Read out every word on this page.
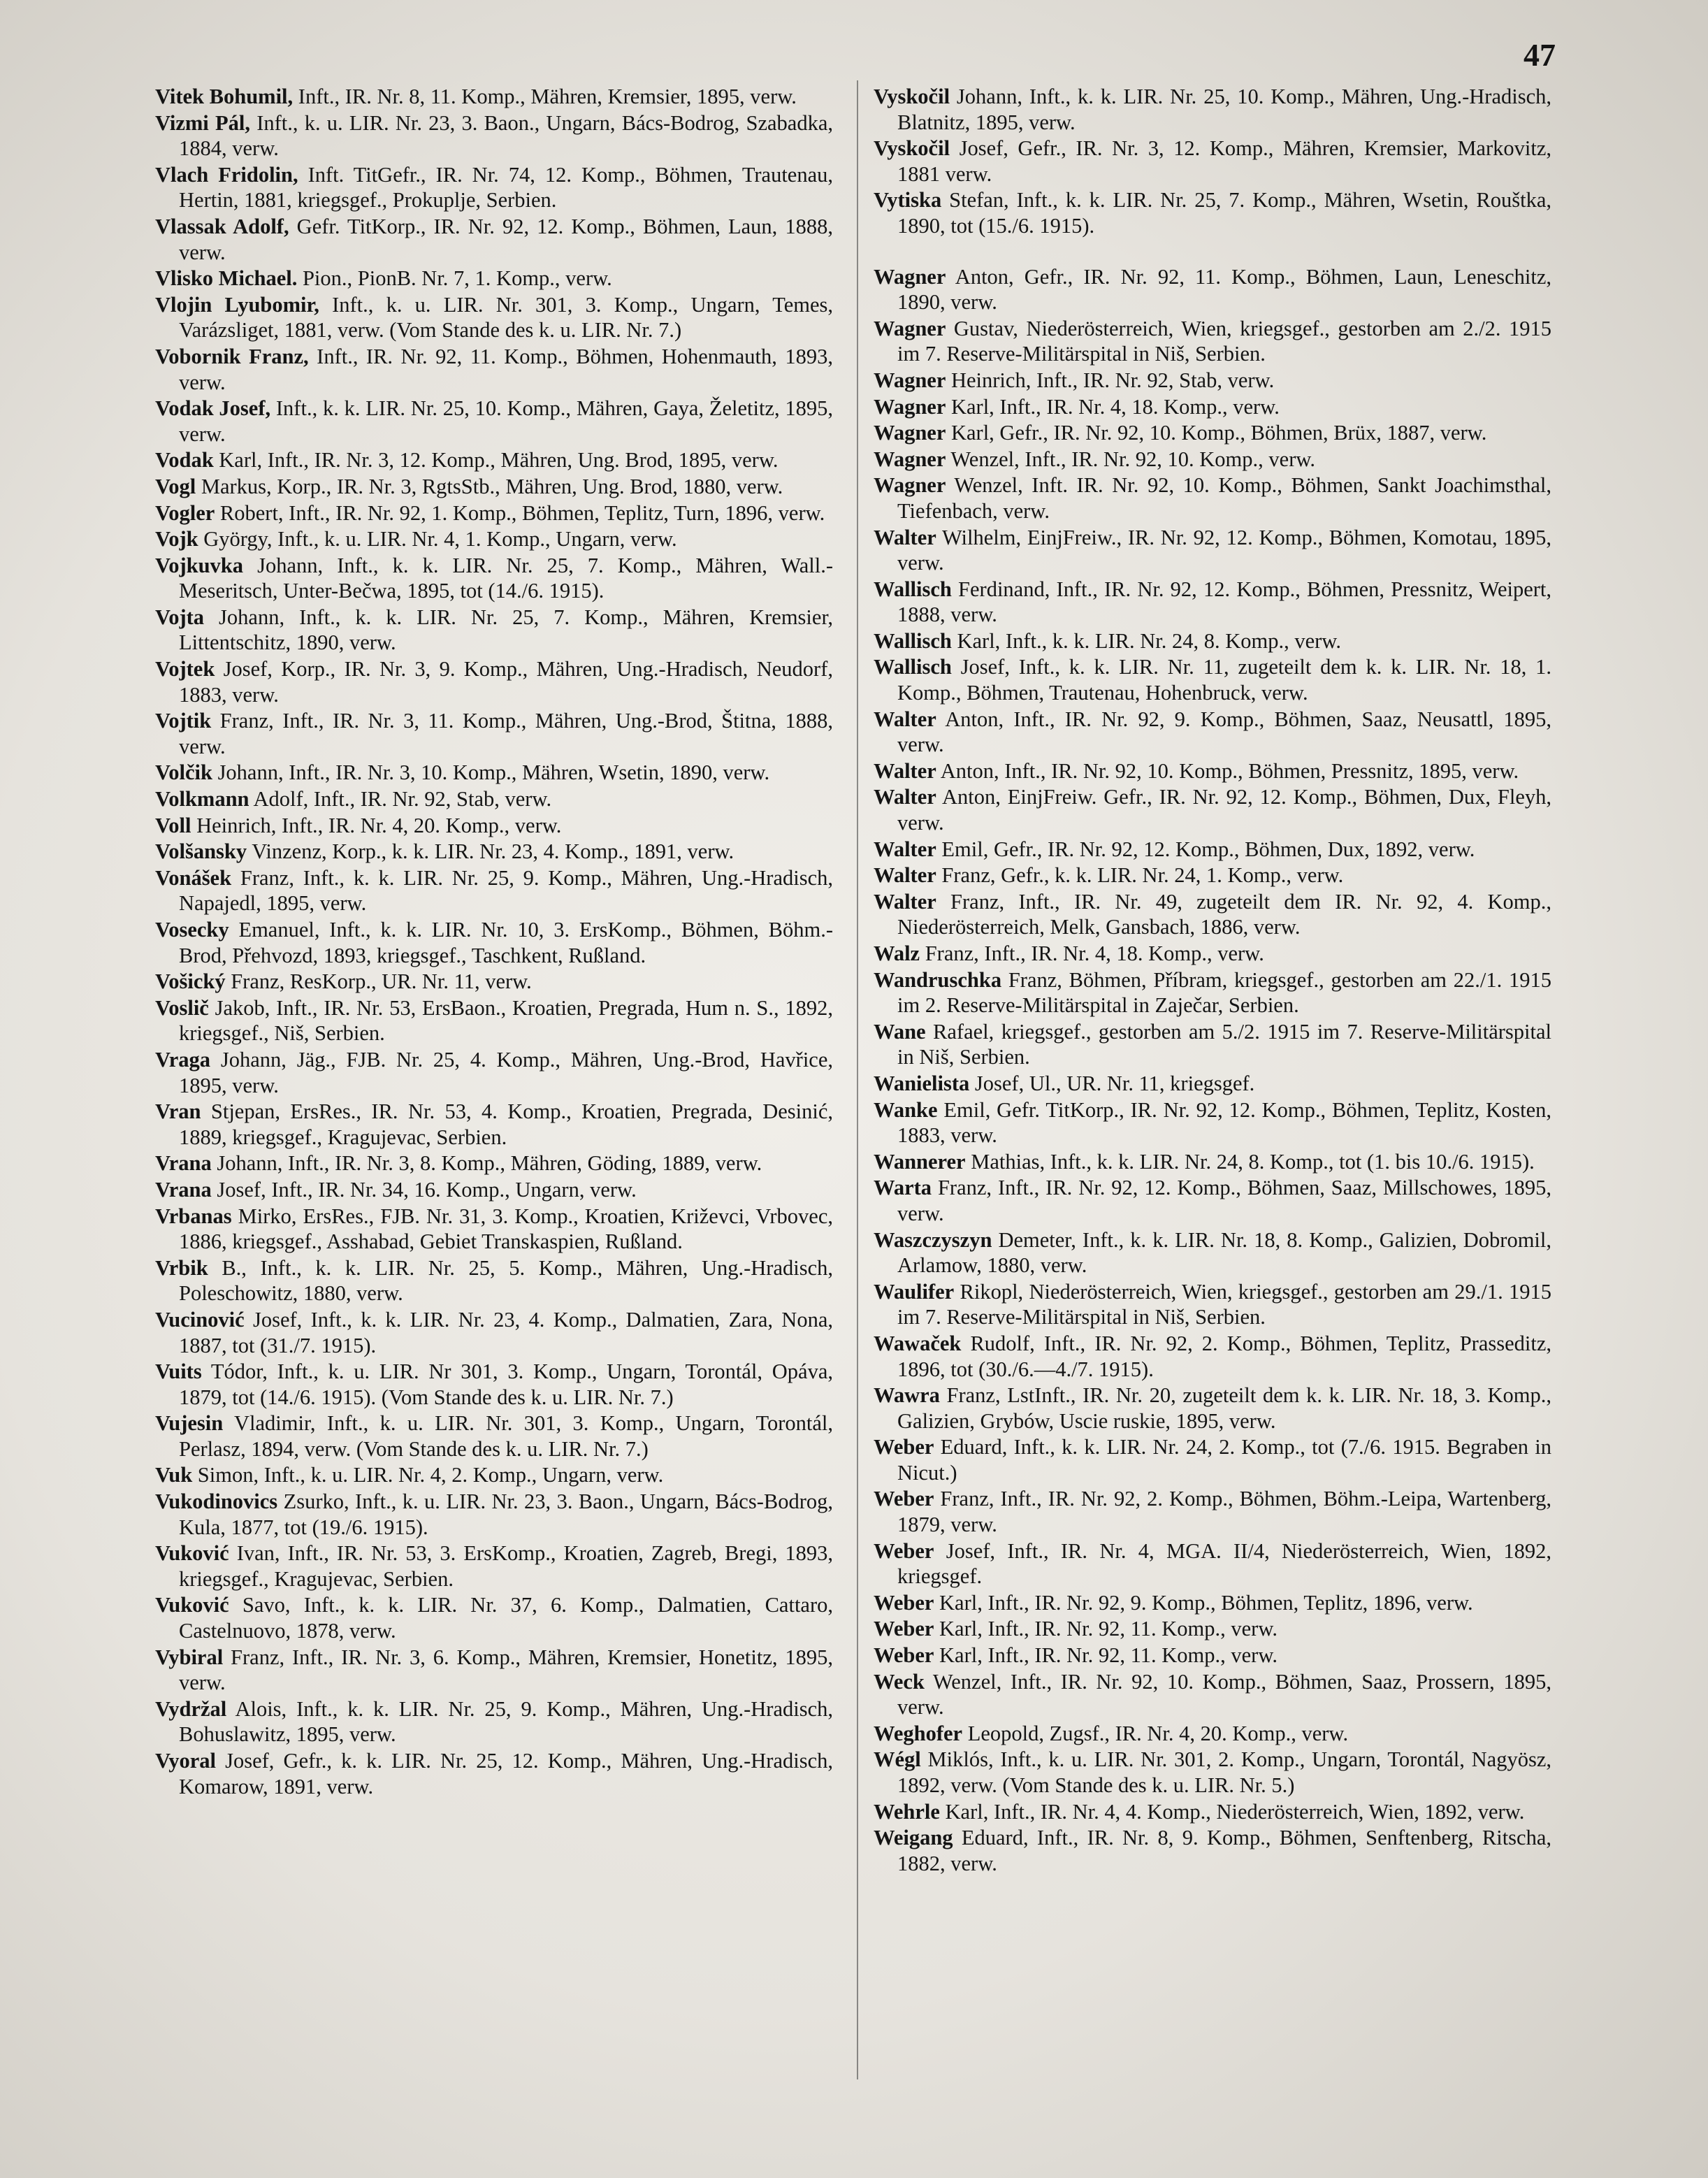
47

Vitek Bohumil, Inft., IR. Nr. 8, 11. Komp., Mähren, Kremsier, 1895, verw.

Vizmi Pál, Inft., k. u. LIR. Nr. 23, 3. Baon., Ungarn, Bács-Bodrog, Szabadka, 1884, verw.

Vlach Fridolin, Inft. TitGefr., IR. Nr. 74, 12. Komp., Böhmen, Trautenau, Hertin, 1881, kriegsgef., Prokuplje, Serbien.

Vlassak Adolf, Gefr. TitKorp., IR. Nr. 92, 12. Komp., Böhmen, Laun, 1888, verw.

Vlisko Michael. Pion., PionB. Nr. 7, 1. Komp., verw.

Vlojin Lyubomir, Inft., k. u. LIR. Nr. 301, 3. Komp., Ungarn, Temes, Varázsliget, 1881, verw. (Vom Stande des k. u. LIR. Nr. 7.)

Vobornik Franz, Inft., IR. Nr. 92, 11. Komp., Böhmen, Hohenmauth, 1893, verw.

Vodak Josef, Inft., k. k. LIR. Nr. 25, 10. Komp., Mähren, Gaya, Želetitz, 1895, verw.

Vodak Karl, Inft., IR. Nr. 3, 12. Komp., Mähren, Ung. Brod, 1895, verw.

Vogl Markus, Korp., IR. Nr. 3, RgtsStb., Mähren, Ung. Brod, 1880, verw.

Vogler Robert, Inft., IR. Nr. 92, 1. Komp., Böhmen, Teplitz, Turn, 1896, verw.

Vojk György, Inft., k. u. LIR. Nr. 4, 1. Komp., Ungarn, verw.

Vojkuvka Johann, Inft., k. k. LIR. Nr. 25, 7. Komp., Mähren, Wall.-Meseritsch, Unter-Bečwa, 1895, tot (14./6. 1915).

Vojta Johann, Inft., k. k. LIR. Nr. 25, 7. Komp., Mähren, Kremsier, Littentschitz, 1890, verw.

Vojtek Josef, Korp., IR. Nr. 3, 9. Komp., Mähren, Ung.-Hradisch, Neudorf, 1883, verw.

Vojtik Franz, Inft., IR. Nr. 3, 11. Komp., Mähren, Ung.-Brod, Štitna, 1888, verw.

Volčik Johann, Inft., IR. Nr. 3, 10. Komp., Mähren, Wsetin, 1890, verw.

Volkmann Adolf, Inft., IR. Nr. 92, Stab, verw.

Voll Heinrich, Inft., IR. Nr. 4, 20. Komp., verw.

Volšansky Vinzenz, Korp., k. k. LIR. Nr. 23, 4. Komp., 1891, verw.

Vonášek Franz, Inft., k. k. LIR. Nr. 25, 9. Komp., Mähren, Ung.-Hradisch, Napajedl, 1895, verw.

Vosecky Emanuel, Inft., k. k. LIR. Nr. 10, 3. ErsKomp., Böhmen, Böhm.-Brod, Přehvozd, 1893, kriegsgef., Taschkent, Rußland.

Vošický Franz, ResKorp., UR. Nr. 11, verw.

Voslič Jakob, Inft., IR. Nr. 53, ErsBaon., Kroatien, Pregrada, Hum n. S., 1892, kriegsgef., Niš, Serbien.

Vraga Johann, Jäg., FJB. Nr. 25, 4. Komp., Mähren, Ung.-Brod, Havřice, 1895, verw.

Vran Stjepan, ErsRes., IR. Nr. 53, 4. Komp., Kroatien, Pregrada, Desinić, 1889, kriegsgef., Kragujevac, Serbien.

Vrana Johann, Inft., IR. Nr. 3, 8. Komp., Mähren, Göding, 1889, verw.

Vrana Josef, Inft., IR. Nr. 34, 16. Komp., Ungarn, verw.

Vrbanas Mirko, ErsRes., FJB. Nr. 31, 3. Komp., Kroatien, Križevci, Vrbovec, 1886, kriegsgef., Asshabad, Gebiet Transkaspien, Rußland.

Vrbik B., Inft., k. k. LIR. Nr. 25, 5. Komp., Mähren, Ung.-Hradisch, Poleschowitz, 1880, verw.

Vucinović Josef, Inft., k. k. LIR. Nr. 23, 4. Komp., Dalmatien, Zara, Nona, 1887, tot (31./7. 1915).

Vuits Tódor, Inft., k. u. LIR. Nr 301, 3. Komp., Ungarn, Torontál, Opáva, 1879, tot (14./6. 1915). (Vom Stande des k. u. LIR. Nr. 7.)

Vujesin Vladimir, Inft., k. u. LIR. Nr. 301, 3. Komp., Ungarn, Torontál, Perlasz, 1894, verw. (Vom Stande des k. u. LIR. Nr. 7.)

Vuk Simon, Inft., k. u. LIR. Nr. 4, 2. Komp., Ungarn, verw.

Vukodinovics Zsurko, Inft., k. u. LIR. Nr. 23, 3. Baon., Ungarn, Bács-Bodrog, Kula, 1877, tot (19./6. 1915).

Vuković Ivan, Inft., IR. Nr. 53, 3. ErsKomp., Kroatien, Zagreb, Bregi, 1893, kriegsgef., Kragujevac, Serbien.

Vuković Savo, Inft., k. k. LIR. Nr. 37, 6. Komp., Dalmatien, Cattaro, Castelnuovo, 1878, verw.

Vybiral Franz, Inft., IR. Nr. 3, 6. Komp., Mähren, Kremsier, Honetitz, 1895, verw.

Vydržal Alois, Inft., k. k. LIR. Nr. 25, 9. Komp., Mähren, Ung.-Hradisch, Bohuslawitz, 1895, verw.

Vyoral Josef, Gefr., k. k. LIR. Nr. 25, 12. Komp., Mähren, Ung.-Hradisch, Komarow, 1891, verw.

Vyskočil Johann, Inft., k. k. LIR. Nr. 25, 10. Komp., Mähren, Ung.-Hradisch, Blatnitz, 1895, verw.

Vyskočil Josef, Gefr., IR. Nr. 3, 12. Komp., Mähren, Kremsier, Markovitz, 1881 verw.

Vytiska Stefan, Inft., k. k. LIR. Nr. 25, 7. Komp., Mähren, Wsetin, Rouštka, 1890, tot (15./6. 1915).

Wagner Anton, Gefr., IR. Nr. 92, 11. Komp., Böhmen, Laun, Leneschitz, 1890, verw.

Wagner Gustav, Niederösterreich, Wien, kriegsgef., gestorben am 2./2. 1915 im 7. Reserve-Militärspital in Niš, Serbien.

Wagner Heinrich, Inft., IR. Nr. 92, Stab, verw.

Wagner Karl, Inft., IR. Nr. 4, 18. Komp., verw.

Wagner Karl, Gefr., IR. Nr. 92, 10. Komp., Böhmen, Brüx, 1887, verw.

Wagner Wenzel, Inft., IR. Nr. 92, 10. Komp., verw.

Wagner Wenzel, Inft. IR. Nr. 92, 10. Komp., Böhmen, Sankt Joachimsthal, Tiefenbach, verw.

Walter Wilhelm, EinjFreiw., IR. Nr. 92, 12. Komp., Böhmen, Komotau, 1895, verw.

Wallisch Ferdinand, Inft., IR. Nr. 92, 12. Komp., Böhmen, Pressnitz, Weipert, 1888, verw.

Wallisch Karl, Inft., k. k. LIR. Nr. 24, 8. Komp., verw.

Wallisch Josef, Inft., k. k. LIR. Nr. 11, zugeteilt dem k. k. LIR. Nr. 18, 1. Komp., Böhmen, Trautenau, Hohenbruck, verw.

Walter Anton, Inft., IR. Nr. 92, 9. Komp., Böhmen, Saaz, Neusattl, 1895, verw.

Walter Anton, Inft., IR. Nr. 92, 10. Komp., Böhmen, Pressnitz, 1895, verw.

Walter Anton, EinjFreiw. Gefr., IR. Nr. 92, 12. Komp., Böhmen, Dux, Fleyh, verw.

Walter Emil, Gefr., IR. Nr. 92, 12. Komp., Böhmen, Dux, 1892, verw.

Walter Franz, Gefr., k. k. LIR. Nr. 24, 1. Komp., verw.

Walter Franz, Inft., IR. Nr. 49, zugeteilt dem IR. Nr. 92, 4. Komp., Niederösterreich, Melk, Gansbach, 1886, verw.

Walz Franz, Inft., IR. Nr. 4, 18. Komp., verw.

Wandruschka Franz, Böhmen, Příbram, kriegsgef., gestorben am 22./1. 1915 im 2. Reserve-Militärspital in Zaječar, Serbien.

Wane Rafael, kriegsgef., gestorben am 5./2. 1915 im 7. Reserve-Militärspital in Niš, Serbien.

Wanielista Josef, Ul., UR. Nr. 11, kriegsgef.

Wanke Emil, Gefr. TitKorp., IR. Nr. 92, 12. Komp., Böhmen, Teplitz, Kosten, 1883, verw.

Wannerer Mathias, Inft., k. k. LIR. Nr. 24, 8. Komp., tot (1. bis 10./6. 1915).

Warta Franz, Inft., IR. Nr. 92, 12. Komp., Böhmen, Saaz, Millschowes, 1895, verw.

Waszczyszyn Demeter, Inft., k. k. LIR. Nr. 18, 8. Komp., Galizien, Dobromil, Arlamow, 1880, verw.

Waulifer Rikopl, Niederösterreich, Wien, kriegsgef., gestorben am 29./1. 1915 im 7. Reserve-Militärspital in Niš, Serbien.

Wawaček Rudolf, Inft., IR. Nr. 92, 2. Komp., Böhmen, Teplitz, Prasseditz, 1896, tot (30./6.—4./7. 1915).

Wawra Franz, LstInft., IR. Nr. 20, zugeteilt dem k. k. LIR. Nr. 18, 3. Komp., Galizien, Grybów, Uscie ruskie, 1895, verw.

Weber Eduard, Inft., k. k. LIR. Nr. 24, 2. Komp., tot (7./6. 1915. Begraben in Nicut.)

Weber Franz, Inft., IR. Nr. 92, 2. Komp., Böhmen, Böhm.-Leipa, Wartenberg, 1879, verw.

Weber Josef, Inft., IR. Nr. 4, MGA. II/4, Niederösterreich, Wien, 1892, kriegsgef.

Weber Karl, Inft., IR. Nr. 92, 9. Komp., Böhmen, Teplitz, 1896, verw.

Weber Karl, Inft., IR. Nr. 92, 11. Komp., verw.

Weber Karl, Inft., IR. Nr. 92, 11. Komp., verw.

Weck Wenzel, Inft., IR. Nr. 92, 10. Komp., Böhmen, Saaz, Prossern, 1895, verw.

Weghofer Leopold, Zugsf., IR. Nr. 4, 20. Komp., verw.

Wégl Miklós, Inft., k. u. LIR. Nr. 301, 2. Komp., Ungarn, Torontál, Nagyösz, 1892, verw. (Vom Stande des k. u. LIR. Nr. 5.)

Wehrle Karl, Inft., IR. Nr. 4, 4. Komp., Niederösterreich, Wien, 1892, verw.

Weigang Eduard, Inft., IR. Nr. 8, 9. Komp., Böhmen, Senftenberg, Ritscha, 1882, verw.
